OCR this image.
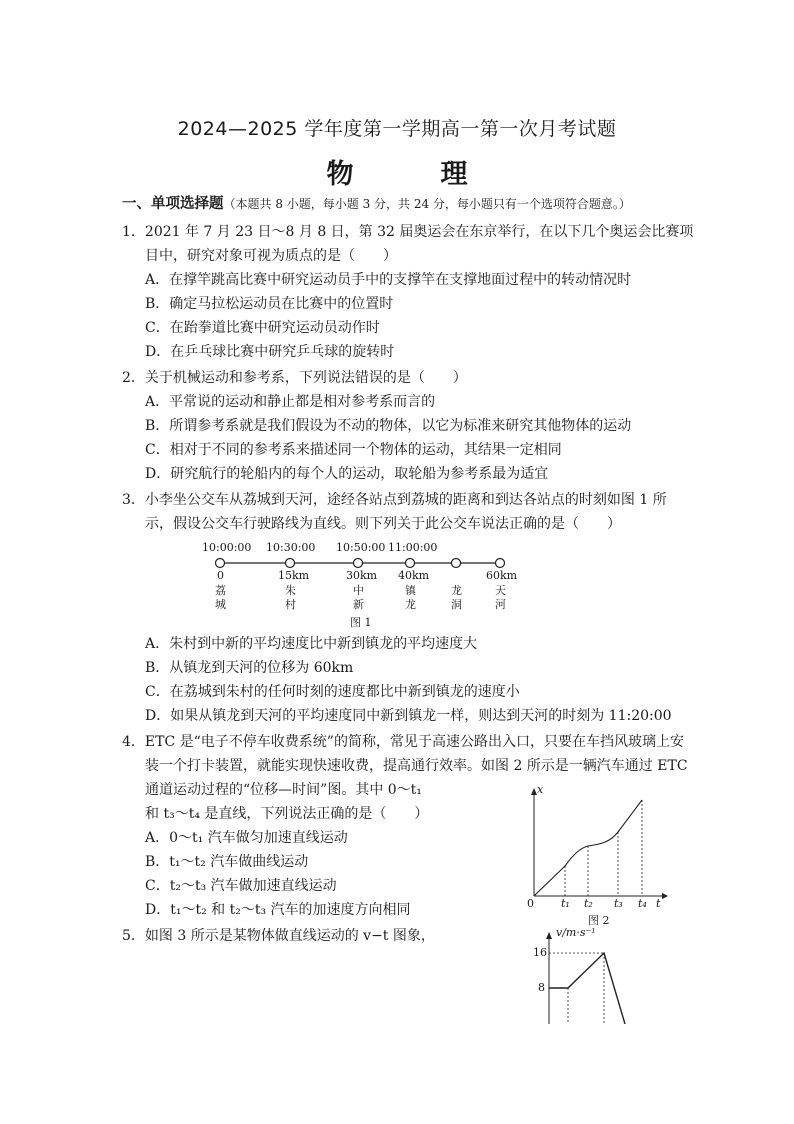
2024—2025 学年度第一学期高一第一次月考试题
物　理
一、单项选择题（本题共 8 小题，每小题 3 分，共 24 分，每小题只有一个选项符合题意。）
1．2021 年 7 月 23 日～8 月 8 日，第 32 届奥运会在东京举行，在以下几个奥运会比赛项
目中，研究对象可视为质点的是（　　）
A．在撑竿跳高比赛中研究运动员手中的支撑竿在支撑地面过程中的转动情况时
B．确定马拉松运动员在比赛中的位置时
C．在跆拳道比赛中研究运动员动作时
D．在乒乓球比赛中研究乒乓球的旋转时
2．关于机械运动和参考系，下列说法错误的是（　　）
A．平常说的运动和静止都是相对参考系而言的
B．所谓参考系就是我们假设为不动的物体，以它为标准来研究其他物体的运动
C．相对于不同的参考系来描述同一个物体的运动，其结果一定相同
D．研究航行的轮船内的每个人的运动，取轮船为参考系最为适宜
3．小李坐公交车从荔城到天河，途经各站点到荔城的距离和到达各站点的时刻如图 1 所
示，假设公交车行驶路线为直线。则下列关于此公交车说法正确的是（　　）
10:00:00 10:30:00 10:50:00 11:00:00
0	15km	30km 40km	60km
荔
城
朱
村
中
新
镇
龙
龙
洞
天
河
图 1
A．朱村到中新的平均速度比中新到镇龙的平均速度大
B．从镇龙到天河的位移为 60km
C．在荔城到朱村的任何时刻的速度都比中新到镇龙的速度小
D．如果从镇龙到天河的平均速度同中新到镇龙一样，则达到天河的时刻为 11:20:00
4．ETC 是“电子不停车收费系统”的简称，常见于高速公路出入口，只要在车挡风玻璃上安
装一个打卡装置，就能实现快速收费，提高通行效率。如图 2 所示是一辆汽车通过 ETC
通道运动过程的“位移—时间”图。其中 0～t₁
和 t₃～t₄ 是直线，下列说法正确的是（　　）
A．0～t₁ 汽车做匀加速直线运动
B．t₁～t₂ 汽车做曲线运动
C．t₂～t₃ 汽车做加速直线运动
D．t₁～t₂ 和 t₂～t₃ 汽车的加速度方向相同
x
0 t₁ t₂ t₃ t₄ t
图 2
5．如图 3 所示是某物体做直线运动的 v−t 图象，	v/m·s⁻¹
16
8
